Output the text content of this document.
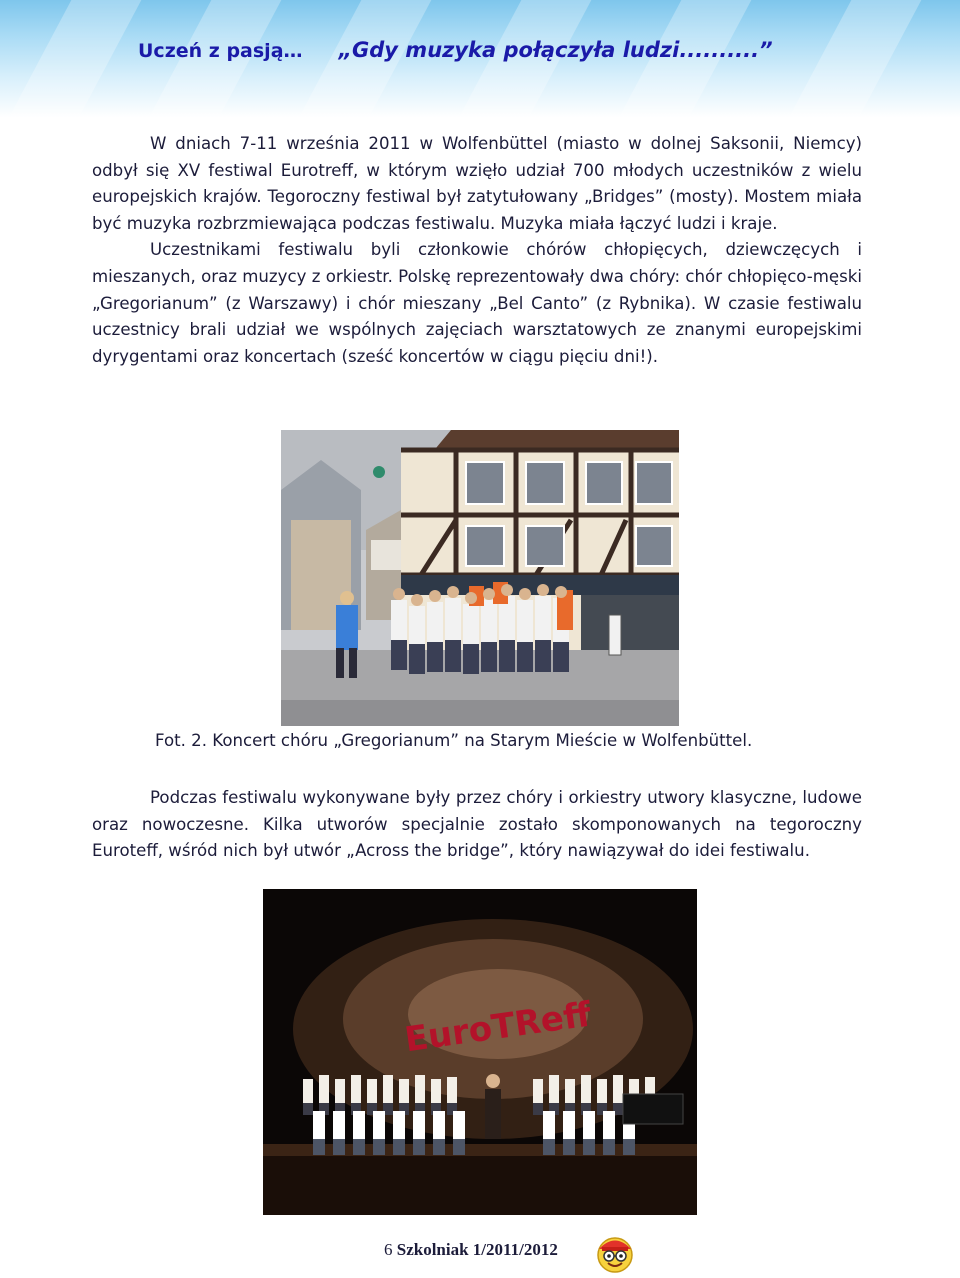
Uczeń z pasją… „Gdy muzyka połączyła ludzi..........”

W dniach 7-11 września 2011 w Wolfenbüttel (miasto w dolnej Saksonii, Niemcy) odbył się XV festiwal Eurotreff, w którym wzięło udział 700 młodych uczestników z wielu europejskich krajów. Tegoroczny festiwal był zatytułowany „Bridges” (mosty). Mostem miała być muzyka rozbrzmiewająca podczas festiwalu. Muzyka miała łączyć ludzi i kraje.

Uczestnikami festiwalu byli członkowie chórów chłopięcych, dziewczęcych i mieszanych, oraz muzycy z orkiestr. Polskę reprezentowały dwa chóry: chór chłopięco-męski „Gregorianum” (z Warszawy) i chór mieszany „Bel Canto” (z Rybnika). W czasie festiwalu uczestnicy brali udział we wspólnych zajęciach warsztatowych ze znanymi europejskimi dyrygentami oraz koncertach (sześć koncertów w ciągu pięciu dni!).

Fot. 2. Koncert chóru „Gregorianum” na Starym Mieście w Wolfenbüttel.

Podczas festiwalu wykonywane były przez chóry i orkiestry utwory klasyczne, ludowe oraz nowoczesne. Kilka utworów specjalnie zostało skomponowanych na tegoroczny Euroteff, wśród nich był utwór „Across the bridge”, który nawiązywał do idei festiwalu.

EuroTReff
6 Szkolniak 1/2011/2012
